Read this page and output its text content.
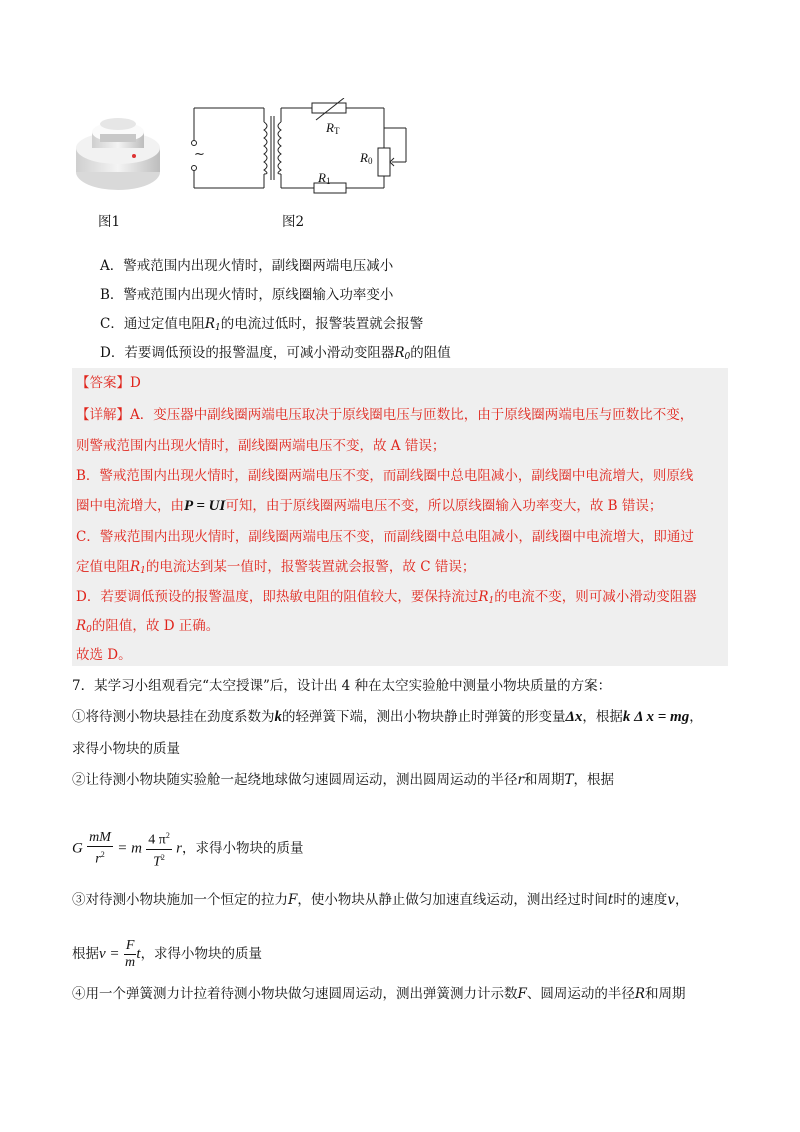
图1
~
$R_T$
$R_0$
$R_1$
图2
A．警戒范围内出现火情时，副线圈两端电压减小
B．警戒范围内出现火情时，原线圈输入功率变小
C．通过定值电阻$R_1$的电流过低时，报警装置就会报警
D．若要调低预设的报警温度，可减小滑动变阻器$R_0$的阻值
【答案】D
【详解】A．变压器中副线圈两端电压取决于原线圈电压与匝数比，由于原线圈两端电压与匝数比不变，
则警戒范围内出现火情时，副线圈两端电压不变，故 A 错误；
B．警戒范围内出现火情时，副线圈两端电压不变，而副线圈中总电阻减小，副线圈中电流增大，则原线
圈中电流增大，由P = UI可知，由于原线圈两端电压不变，所以原线圈输入功率变大，故 B 错误；
C．警戒范围内出现火情时，副线圈两端电压不变，而副线圈中总电阻减小，副线圈中电流增大，即通过
定值电阻$R_1$的电流达到某一值时，报警装置就会报警，故 C 错误；
D．若要调低预设的报警温度，即热敏电阻的阻值较大，要保持流过$R_1$的电流不变，则可减小滑动变阻器
$R_0$的阻值，故 D 正确。
故选 D。
7．某学习小组观看完“太空授课”后，设计出 4 种在太空实验舱中测量小物块质量的方案：
①将待测小物块悬挂在劲度系数为k的轻弹簧下端，测出小物块静止时弹簧的形变量Δx，根据k Δ x = mg，
求得小物块的质量
②让待测小物块随实验舱一起绕地球做匀速圆周运动，测出圆周运动的半径r和周期T，根据
G $\frac{mM}{r^2} = m \frac{4 \pi^2}{T^2}$ r，求得小物块的质量
③对待测小物块施加一个恒定的拉力F，使小物块从静止做匀加速直线运动，测出经过时间t时的速度v，
根据$v = \frac{F}{m}$ t，求得小物块的质量
④用一个弹簧测力计拉着待测小物块做匀速圆周运动，测出弹簧测力计示数F、圆周运动的半径R和周期
